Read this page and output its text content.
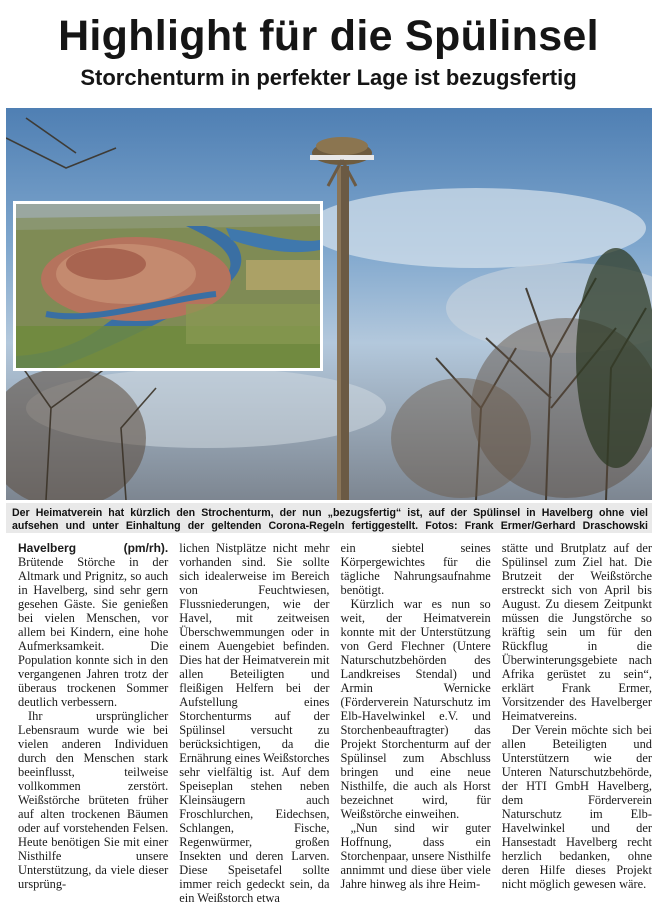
Highlight für die Spülinsel
Storchenturm in perfekter Lage ist bezugsfertig
Der Heimatverein hat kürzlich den Strochenturm, der nun „bezugsfertig“ ist, auf der Spülinsel in Havelberg ohne viel
aufsehen und unter Einhaltung der geltenden Corona-Regeln fertiggestellt. Fotos: Frank Ermer/Gerhard Draschowski

Havelberg (pm/rh). Brütende Störche in der Altmark und Prignitz, so auch in Havelberg, sind sehr gern gesehen Gäste. Sie genießen bei vielen Menschen, vor allem bei Kindern, eine hohe Aufmerksamkeit. Die Population konnte sich in den vergangenen Jahren trotz der überaus trockenen Sommer deutlich verbessern.

Ihr ursprünglicher Lebensraum wurde wie bei vielen anderen Individuen durch den Menschen stark beeinflusst, teilweise vollkommen zerstört. Weißstörche brüteten früher auf alten trockenen Bäumen oder auf vorstehenden Felsen. Heute benötigen Sie mit einer Nisthilfe unsere Unterstützung, da viele dieser ursprüng-

lichen Nistplätze nicht mehr vorhanden sind. Sie sollte sich idealerweise im Bereich von Feuchtwiesen, Flussniederungen, wie der Havel, mit zeitweisen Überschwemmungen oder in einem Auengebiet befinden. Dies hat der Heimatverein mit allen Beteiligten und fleißigen Helfern bei der Aufstellung eines Storchenturms auf der Spülinsel versucht zu berücksichtigen, da die Ernährung eines Weißstorches sehr vielfältig ist. Auf dem Speiseplan stehen neben Kleinsäugern auch Froschlurchen, Eidechsen, Schlangen, Fische, Regenwürmer, großen Insekten und deren Larven. Diese Speisetafel sollte immer reich gedeckt sein, da ein Weißstorch etwa

ein siebtel seines Körpergewichtes für die tägliche Nahrungsaufnahme benötigt.

Kürzlich war es nun so weit, der Heimatverein konnte mit der Unterstützung von Gerd Flechner (Untere Naturschutzbehörden des Landkreises Stendal) und Armin Wernicke (Förderverein Naturschutz im Elb-Havelwinkel e.V. und Storchenbeauftragter) das Projekt Storchenturm auf der Spülinsel zum Abschluss bringen und eine neue Nisthilfe, die auch als Horst bezeichnet wird, für Weißstörche einweihen.

„Nun sind wir guter Hoffnung, dass ein Storchenpaar, unsere Nisthilfe annimmt und diese über viele Jahre hinweg als ihre Heim-

stätte und Brutplatz auf der Spülinsel zum Ziel hat. Die Brutzeit der Weißstörche erstreckt sich von April bis August. Zu diesem Zeitpunkt müssen die Jungstörche so kräftig sein um für den Rückflug in die Überwinterungsgebiete nach Afrika gerüstet zu sein“, erklärt Frank Ermer, Vorsitzender des Havelberger Heimatvereins.

Der Verein möchte sich bei allen Beteiligten und Unterstützern wie der Unteren Naturschutzbehörde, der HTI GmbH Havelberg, dem Förderverein Naturschutz im Elb-Havelwinkel und der Hansestadt Havelberg recht herzlich bedanken, ohne deren Hilfe dieses Projekt nicht möglich gewesen wäre.
